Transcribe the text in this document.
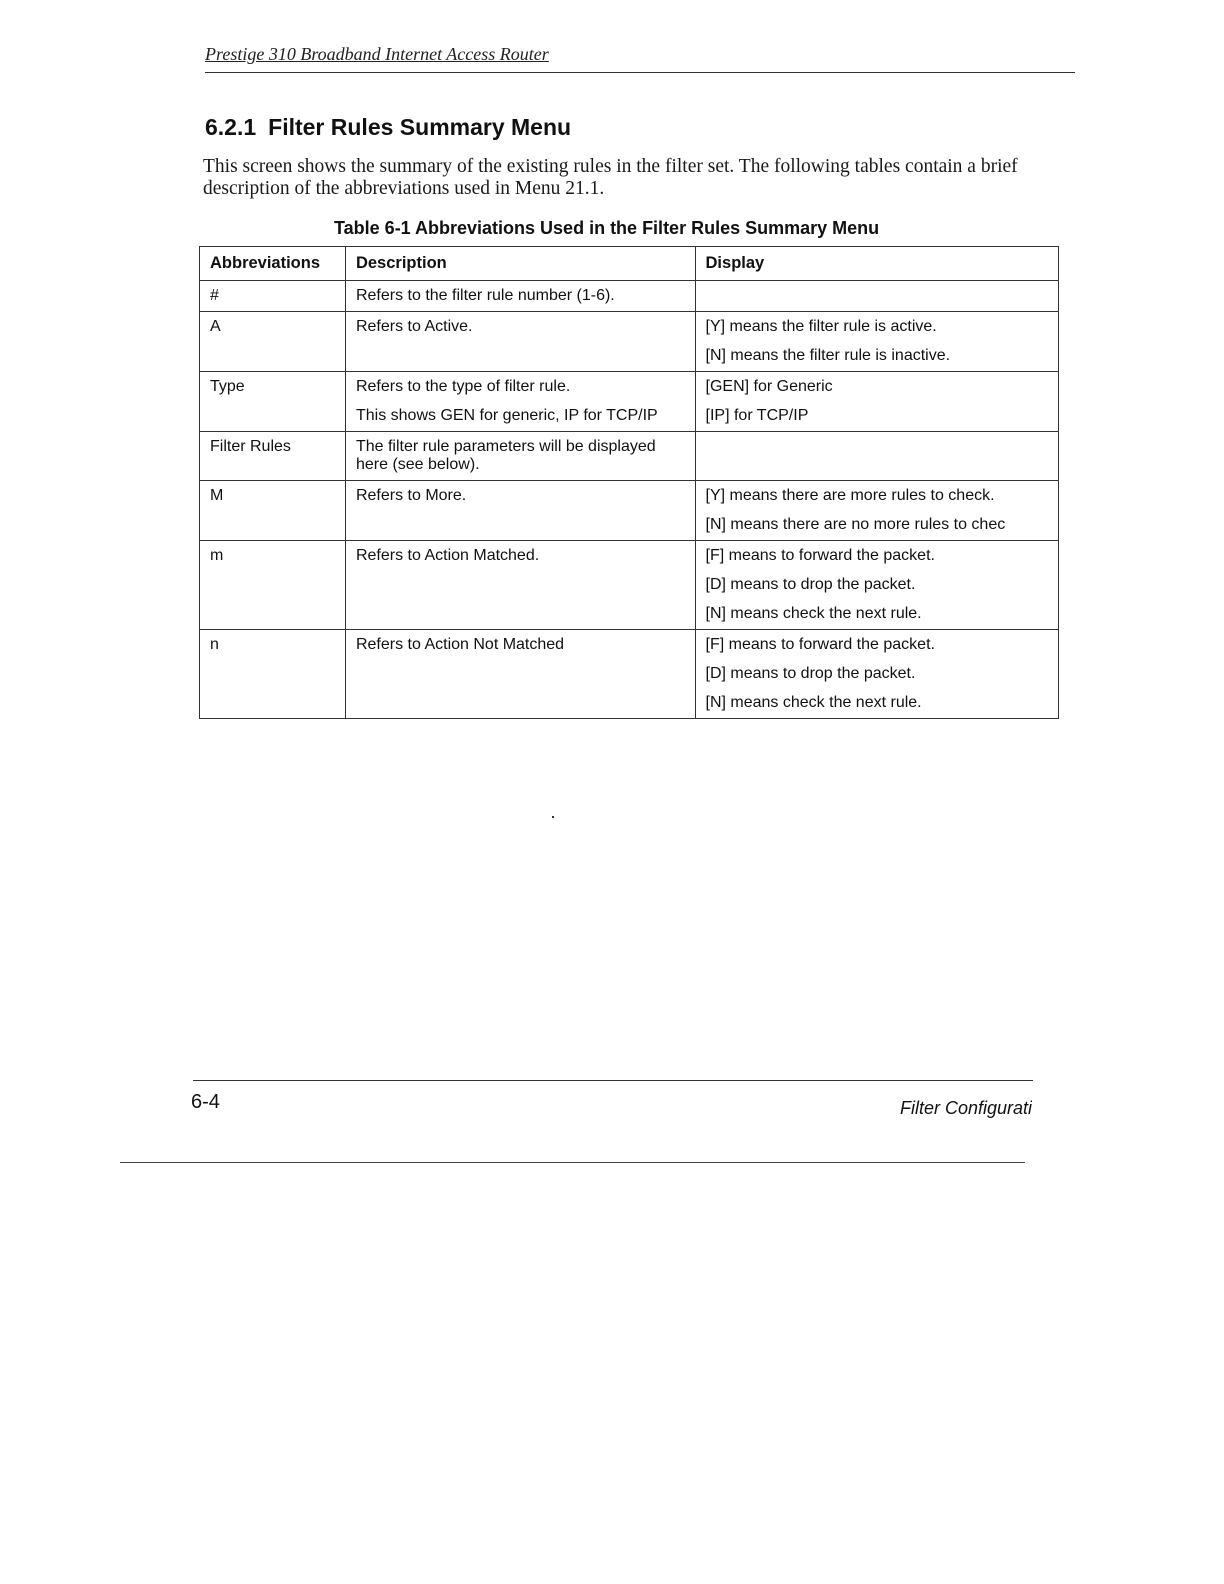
Prestige 310 Broadband Internet Access Router
6.2.1 Filter Rules Summary Menu

This screen shows the summary of the existing rules in the filter set. The following tables contain a brief description of the abbreviations used in Menu 21.1.

Table 6-1 Abbreviations Used in the Filter Rules Summary Menu

Abbreviations	Description	Display
#	Refers to the filter rule number (1-6).	

A	Refers to Active.	[Y] means the filter rule is active.
[N] means the filter rule is inactive.

Type	Refers to the type of filter rule.
This shows GEN for generic, IP for TCP/IP	[GEN] for Generic
[IP] for TCP/IP

Filter Rules	The filter rule parameters will be displayed here (see below).	

M	Refers to More.	[Y] means there are more rules to check.
[N] means there are no more rules to chec

m	Refers to Action Matched.	[F] means to forward the packet.
[D] means to drop the packet.
[N] means check the next rule.

n	Refers to Action Not Matched	[F] means to forward the packet.
[D] means to drop the packet.
[N] means check the next rule.
6-4	Filter Configurati
